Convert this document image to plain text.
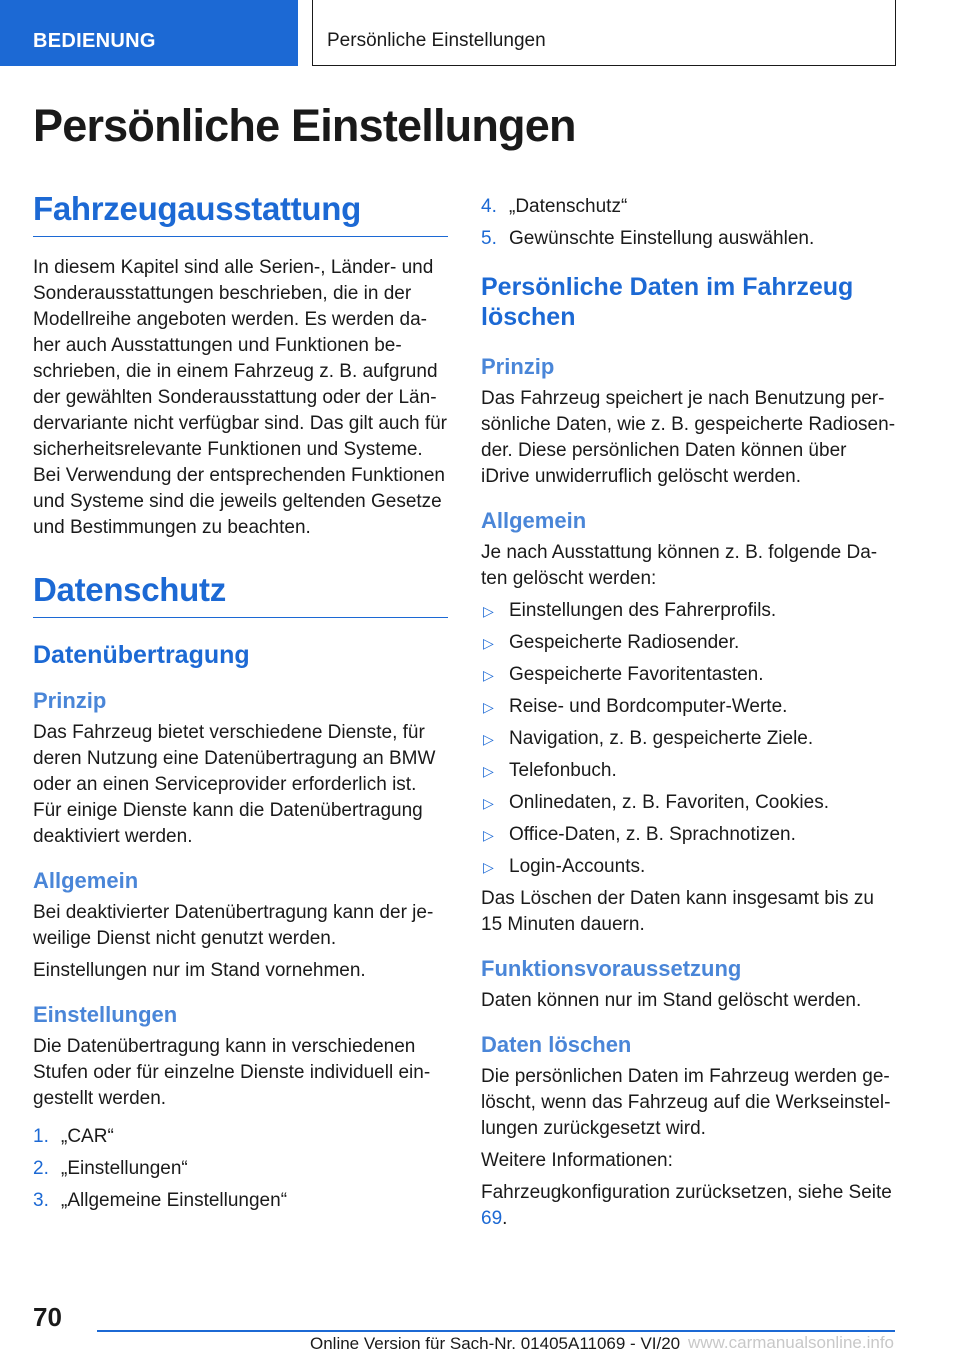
BEDIENUNG	Persönliche Einstellungen
Persönliche Einstellungen
Fahrzeugausstattung

In diesem Kapitel sind alle Serien-, Länder- und Sonderausstattungen beschrieben, die in der Modellreihe angeboten werden. Es werden daher auch Ausstattungen und Funktionen beschrieben, die in einem Fahrzeug z. B. aufgrund der gewählten Sonderausstattung oder der Ländervariante nicht verfügbar sind. Das gilt auch für sicherheitsrelevante Funktionen und Systeme. Bei Verwendung der entsprechenden Funktionen und Systeme sind die jeweils geltenden Gesetze und Bestimmungen zu beachten.

Datenschutz
Datenübertragung
Prinzip

Das Fahrzeug bietet verschiedene Dienste, für deren Nutzung eine Datenübertragung an BMW oder an einen Serviceprovider erforderlich ist. Für einige Dienste kann die Datenübertragung deaktiviert werden.

Allgemein

Bei deaktivierter Datenübertragung kann der jeweilige Dienst nicht genutzt werden.

Einstellungen nur im Stand vornehmen.

Einstellungen

Die Datenübertragung kann in verschiedenen Stufen oder für einzelne Dienste individuell eingestellt werden.

1. „CAR“
2. „Einstellungen“
3. „Allgemeine Einstellungen“
4. „Datenschutz“
5. Gewünschte Einstellung auswählen.
Persönliche Daten im Fahrzeug löschen
Prinzip

Das Fahrzeug speichert je nach Benutzung persönliche Daten, wie z. B. gespeicherte Radiosender. Diese persönlichen Daten können über iDrive unwiderruflich gelöscht werden.

Allgemein

Je nach Ausstattung können z. B. folgende Daten gelöscht werden:

▷ Einstellungen des Fahrerprofils.
▷ Gespeicherte Radiosender.
▷ Gespeicherte Favoritentasten.
▷ Reise- und Bordcomputer-Werte.
▷ Navigation, z. B. gespeicherte Ziele.
▷ Telefonbuch.
▷ Onlinedaten, z. B. Favoriten, Cookies.
▷ Office-Daten, z. B. Sprachnotizen.
▷ Login-Accounts.

Das Löschen der Daten kann insgesamt bis zu 15 Minuten dauern.

Funktionsvoraussetzung

Daten können nur im Stand gelöscht werden.

Daten löschen

Die persönlichen Daten im Fahrzeug werden gelöscht, wenn das Fahrzeug auf die Werkseinstellungen zurückgesetzt wird.

Weitere Informationen:

Fahrzeugkonfiguration zurücksetzen, siehe Seite 69.

70
Online Version für Sach-Nr. 01405A11069 - VI/20 www.carmanualsonline.info
